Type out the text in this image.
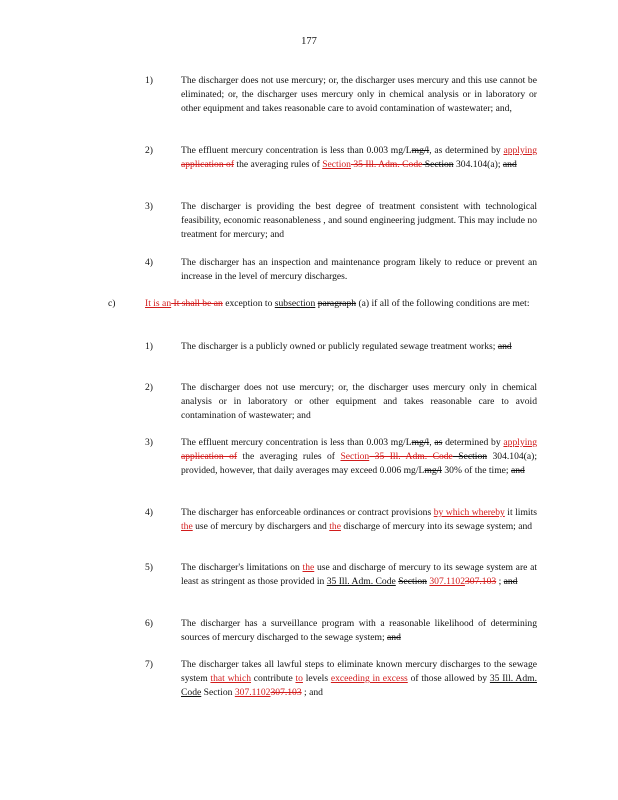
177
1)	The discharger does not use mercury; or, the discharger uses mercury and this use cannot be eliminated; or, the discharger uses mercury only in chemical analysis or in laboratory or other equipment and takes reasonable care to avoid contamination of wastewater; and,
2)	The effluent mercury concentration is less than 0.003 mg/Lmg/l, as determined by applying application of the averaging rules of Section 35 Ill. Adm. Code Section 304.104(a); and
3)	The discharger is providing the best degree of treatment consistent with technological feasibility, economic reasonableness , and sound engineering judgment. This may include no treatment for mercury; and
4)	The discharger has an inspection and maintenance program likely to reduce or prevent an increase in the level of mercury discharges.
c)	It is an It shall be an exception to subsection paragraph (a) if all of the following conditions are met:
1)	The discharger is a publicly owned or publicly regulated sewage treatment works; and
2)	The discharger does not use mercury; or, the discharger uses mercury only in chemical analysis or in laboratory or other equipment and takes reasonable care to avoid contamination of wastewater; and
3)	The effluent mercury concentration is less than 0.003 mg/Lmg/l, as determined by applying application of the averaging rules of Section 35 Ill. Adm. Code Section 304.104(a); provided, however, that daily averages may exceed 0.006 mg/Lmg/l 30% of the time; and
4)	The discharger has enforceable ordinances or contract provisions by which whereby it limits the use of mercury by dischargers and the discharge of mercury into its sewage system; and
5)	The discharger's limitations on the use and discharge of mercury to its sewage system are at least as stringent as those provided in 35 Ill. Adm. Code Section 307.1102307.103 ; and
6)	The discharger has a surveillance program with a reasonable likelihood of determining sources of mercury discharged to the sewage system; and
7)	The discharger takes all lawful steps to eliminate known mercury discharges to the sewage system that which contribute to levels exceeding in excess of those allowed by 35 Ill. Adm. Code Section 307.1102307.103 ; and
